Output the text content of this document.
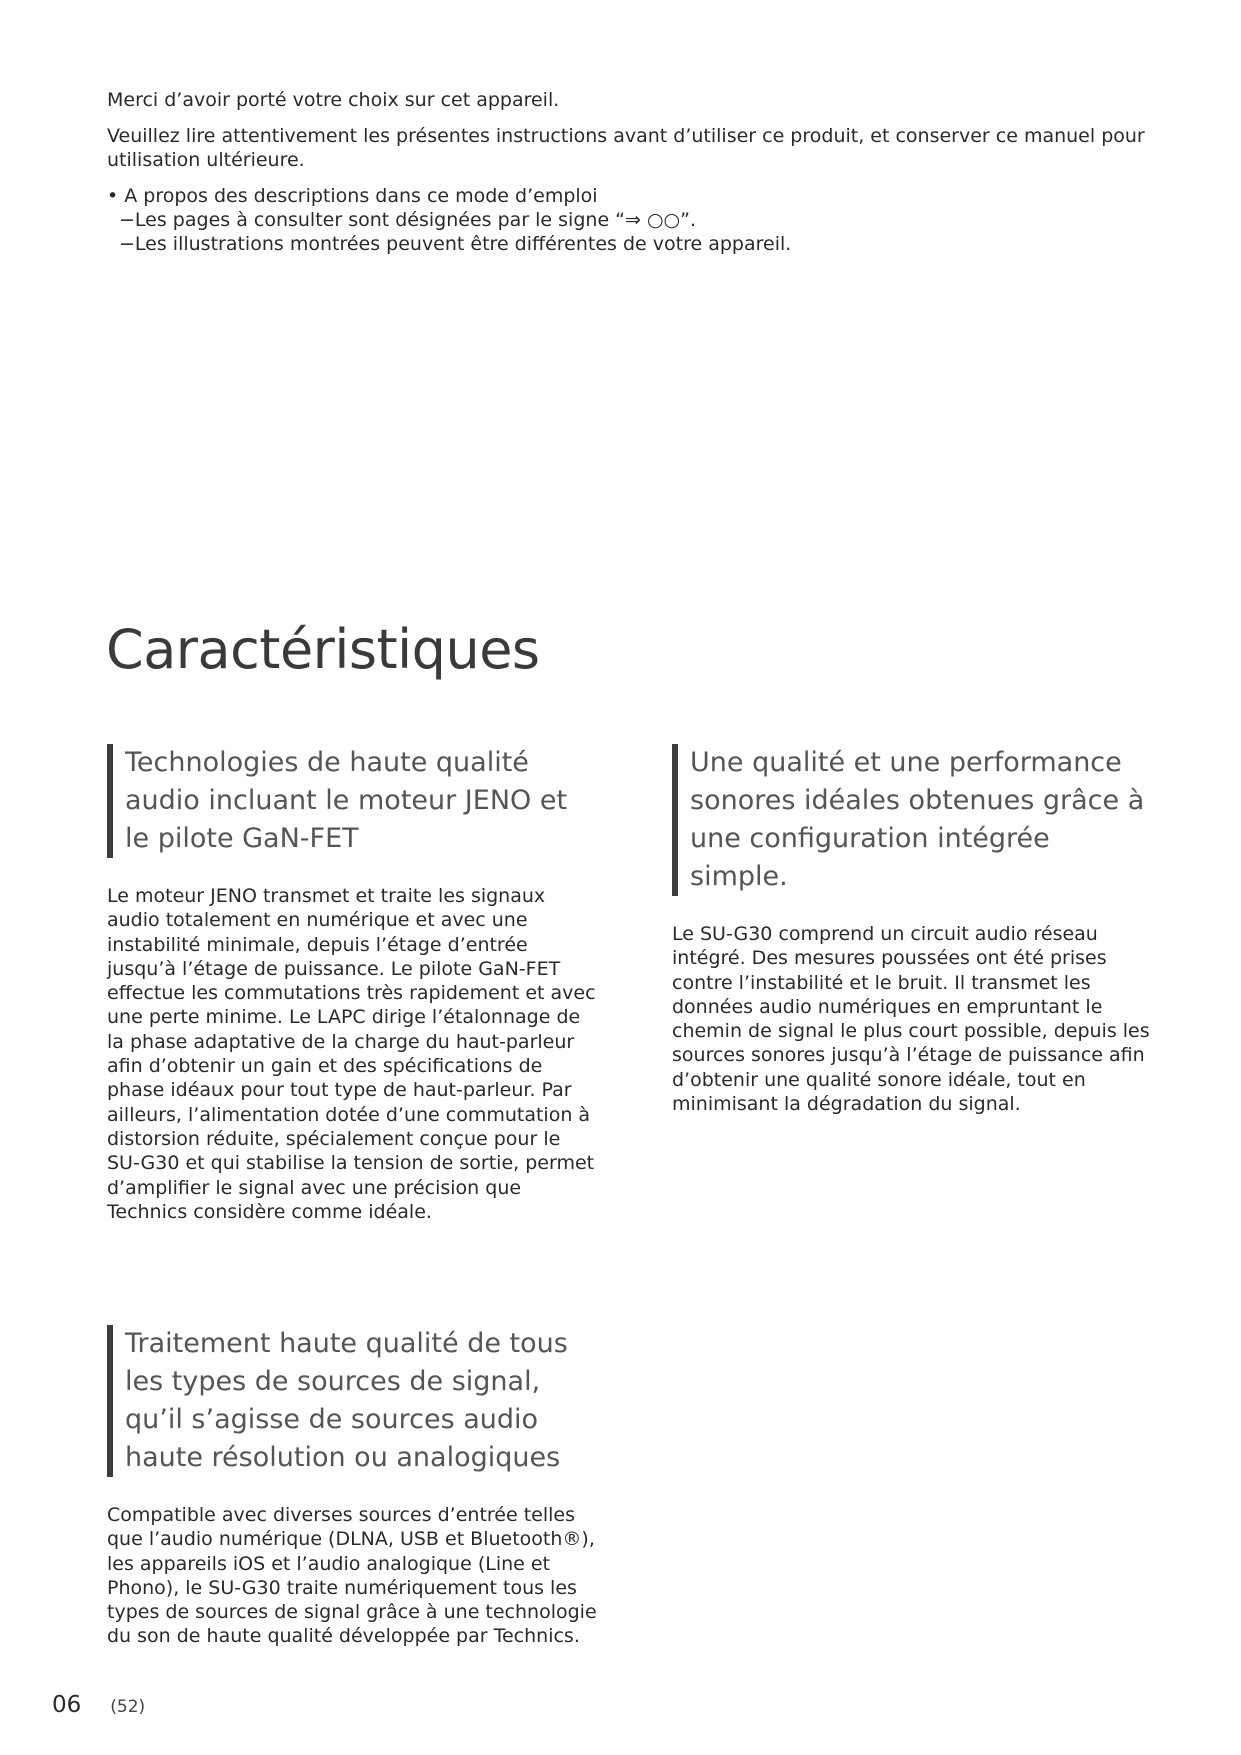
Merci d’avoir porté votre choix sur cet appareil.

Veuillez lire attentivement les présentes instructions avant d’utiliser ce produit, et conserver ce manuel pour utilisation ultérieure.

• A propos des descriptions dans ce mode d’emploi

−Les pages à consulter sont désignées par le signe “⇒ ○○”.

−Les illustrations montrées peuvent être différentes de votre appareil.

Caractéristiques
Technologies de haute qualité audio incluant le moteur JENO et le pilote GaN-FET

Le moteur JENO transmet et traite les signaux audio totalement en numérique et avec une instabilité minimale, depuis l’étage d’entrée jusqu’à l’étage de puissance. Le pilote GaN-FET effectue les commutations très rapidement et avec une perte minime. Le LAPC dirige l’étalonnage de la phase adaptative de la charge du haut-parleur afin d’obtenir un gain et des spécifications de phase idéaux pour tout type de haut-parleur. Par ailleurs, l’alimentation dotée d’une commutation à distorsion réduite, spécialement conçue pour le SU-G30 et qui stabilise la tension de sortie, permet d’amplifier le signal avec une précision que Technics considère comme idéale.

Une qualité et une performance sonores idéales obtenues grâce à une configuration intégrée simple.

Le SU-G30 comprend un circuit audio réseau intégré. Des mesures poussées ont été prises contre l’instabilité et le bruit. Il transmet les données audio numériques en empruntant le chemin de signal le plus court possible, depuis les sources sonores jusqu’à l’étage de puissance afin d’obtenir une qualité sonore idéale, tout en minimisant la dégradation du signal.

Traitement haute qualité de tous les types de sources de signal, qu’il s’agisse de sources audio haute résolution ou analogiques

Compatible avec diverses sources d’entrée telles que l’audio numérique (DLNA, USB et Bluetooth®), les appareils iOS et l’audio analogique (Line et Phono), le SU-G30 traite numériquement tous les types de sources de signal grâce à une technologie du son de haute qualité développée par Technics.

06 (52)
